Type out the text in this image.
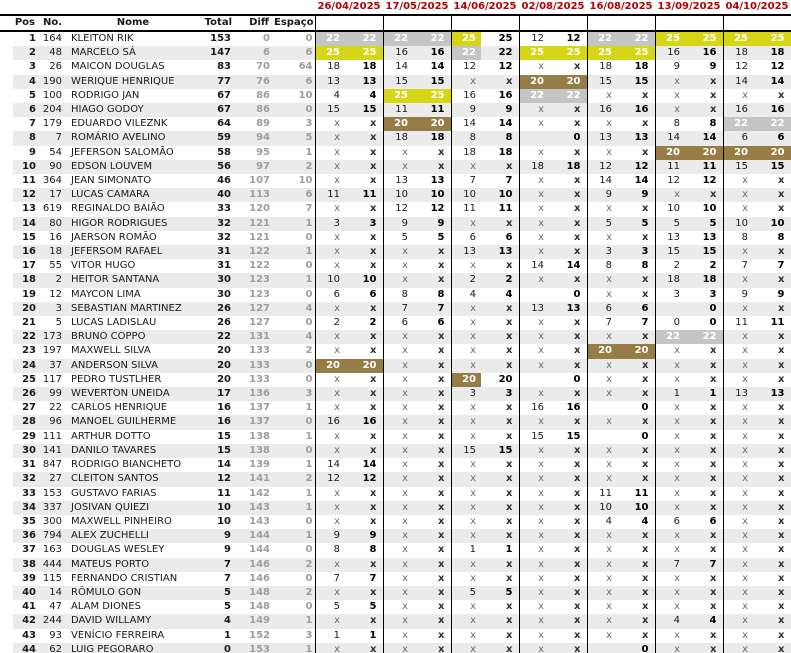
							26/04/2025		17/05/2025		14/06/2025		02/08/2025		16/08/2025		13/09/2025		04/10/2025	
	Pos	No.	Nome	Total	Diff	Espaço	Co	Total	Co	Total	Co	Total	Co	Total	Co	Total	Co	Total	Co	Total
	1	164	KLEITON RIK	153	0	0	22	22	22	22	25	25	12	12	22	22	25	25	25	25
	2	48	MARCELO SÁ	147	6	6	25	25	16	16	22	22	25	25	25	25	16	16	18	18
	3	26	MAICON DOUGLAS	83	70	64	18	18	14	14	12	12	x	x	18	18	9	9	12	12
	4	190	WERIQUE HENRIQUE	77	76	6	13	13	15	15	x	x	20	20	15	15	x	x	14	14
	5	100	RODRIGO JAN	67	86	10	4	4	25	25	16	16	22	22	x	x	x	x	x	x
	6	204	HIAGO GODOY	67	86	0	15	15	11	11	9	9	x	x	16	16	x	x	16	16
	7	179	EDUARDO VILEZNK	64	89	3	x	x	20	20	14	14	x	x	x	x	8	8	22	22
	8	7	ROMÁRIO AVELINO	59	94	5	x	x	18	18	8	8		0	13	13	14	14	6	6
	9	54	JEFERSON SALOMÃO	58	95	1	x	x	x	x	18	18	x	x	x	x	20	20	20	20
	10	90	EDSON LOUVEM	56	97	2	x	x	x	x	x	x	18	18	12	12	11	11	15	15
	11	364	JEAN SIMONATO	46	107	10	x	x	13	13	7	7	x	x	14	14	12	12	x	x
	12	17	LUCAS CAMARA	40	113	6	11	11	10	10	10	10	x	x	9	9	x	x	x	x
	13	619	REGINALDO BAIÃO	33	120	7	x	x	12	12	11	11	x	x	x	x	10	10	x	x
	14	80	HIGOR RODRIGUES	32	121	1	3	3	9	9	x	x	x	x	5	5	5	5	10	10
	15	16	JAERSON ROMÃO	32	121	0	x	x	5	5	6	6	x	x	x	x	13	13	8	8
	16	18	JEFERSOM RAFAEL	31	122	1	x	x	x	x	13	13	x	x	3	3	15	15	x	x
	17	55	VITOR HUGO	31	122	0	x	x	x	x	x	x	14	14	8	8	2	2	7	7
	18	2	HEITOR SANTANA	30	123	1	10	10	x	x	2	2	x	x	x	x	18	18	x	x
	19	12	MAYCON LIMA	30	123	0	6	6	8	8	4	4		0	x	x	3	3	9	9
	20	3	SEBASTIAN MARTINEZ	26	127	4	x	x	7	7	x	x	13	13	6	6		0	x	x
	21	5	LUCAS LADISLAU	26	127	0	2	2	6	6	x	x	x	x	7	7	0	0	11	11
	22	173	BRUNO COPPO	22	131	4	x	x	x	x	x	x	x	x	x	x	22	22	x	x
	23	197	MAXWELL SILVA	20	133	2	x	x	x	x	x	x	x	x	20	20	x	x	x	x
	24	37	ANDERSON SILVA	20	133	0	20	20	x	x	x	x	x	x	x	x	x	x	x	x
	25	117	PEDRO TUSTLHER	20	133	0	x	x	x	x	20	20		0	x	x	x	x	x	x
	26	99	WEVERTON UNEIDA	17	136	3	x	x	x	x	3	3	x	x	x	x	1	1	13	13
	27	22	CARLOS HENRIQUE	16	137	1	x	x	x	x	x	x	16	16		0	x	x	x	x
	28	96	MANOEL GUILHERME	16	137	0	16	16	x	x	x	x	x	x	x	x	x	x	x	x
	29	111	ARTHUR DOTTO	15	138	1	x	x	x	x	x	x	15	15		0	x	x	x	x
	30	141	DANILO TAVARES	15	138	0	x	x	x	x	15	15	x	x	x	x	x	x	x	x
	31	847	RODRIGO BIANCHETO	14	139	1	14	14	x	x	x	x	x	x	x	x	x	x	x	x
	32	27	CLEITON SANTOS	12	141	2	12	12	x	x	x	x	x	x	x	x	x	x	x	x
	33	153	GUSTAVO FARIAS	11	142	1	x	x	x	x	x	x	x	x	11	11	x	x	x	x
	34	337	JOSIVAN QUIEZI	10	143	1	x	x	x	x	x	x	x	x	10	10	x	x	x	x
	35	300	MAXWELL PINHEIRO	10	143	0	x	x	x	x	x	x	x	x	4	4	6	6	x	x
	36	794	ALEX ZUCHELLI	9	144	1	9	9	x	x	x	x	x	x	x	x	x	x	x	x
	37	163	DOUGLAS WESLEY	9	144	0	8	8	x	x	1	1	x	x	x	x	x	x	x	x
	38	444	MATEUS PORTO	7	146	2	x	x	x	x	x	x	x	x	x	x	7	7	x	x
	39	115	FERNANDO CRISTIAN	7	146	0	7	7	x	x	x	x	x	x	x	x	x	x	x	x
	40	14	RÔMULO GON	5	148	2	x	x	x	x	5	5	x	x	x	x	x	x	x	x
	41	47	ALAM DIONES	5	148	0	5	5	x	x	x	x	x	x	x	x	x	x	x	x
	42	244	DAVID WILLAMY	4	149	1	x	x	x	x	x	x	x	x	x	x	4	4	x	x
	43	93	VENÍCIO FERREIRA	1	152	3	1	1	x	x	x	x	x	x	x	x	x	x	x	x
	44	62	LUIG PEGORARO	0	153	1	x	x	x	x	x	x	x	x		0	x	x	x	x
